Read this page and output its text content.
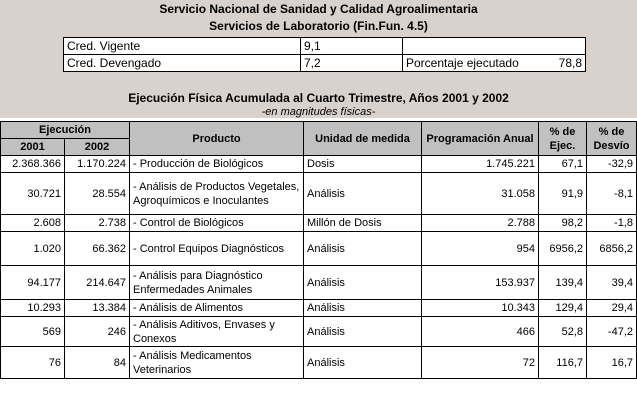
Servicio Nacional de Sanidad y Calidad Agroalimentaria
Servicios de Laboratorio (Fin.Fun. 4.5)
Cred. Vigente	9,1		
Cred. Devengado	7,2	Porcentaje ejecutado	78,8
Ejecución Física Acumulada al Cuarto Trimestre, Años 2001 y 2002
-en magnitudes físicas-
Ejecución		Producto	Unidad de medida	Programación Anual	% de Ejec.	% de Desvío
2001	2002					
2.368.366	1.170.224	- Producción de Biológicos	Dosis	1.745.221	67,1	-32,9
30.721	28.554	- Análisis de Productos Vegetales, Agroquímicos e Inoculantes	Análisis	31.058	91,9	-8,1
2.608	2.738	- Control de Biológicos	Millón de Dosis	2.788	98,2	-1,8
1.020	66.362	- Control Equipos Diagnósticos	Análisis	954	6956,2	6856,2
94.177	214.647	- Análisis para Diagnóstico Enfermedades Animales	Análisis	153.937	139,4	39,4
10.293	13.384	- Análisis de Alimentos	Análisis	10.343	129,4	29,4
569	246	- Análisis Aditivos, Envases y Conexos	Análisis	466	52,8	-47,2
76	84	- Análisis Medicamentos Veterinarios	Análisis	72	116,7	16,7
